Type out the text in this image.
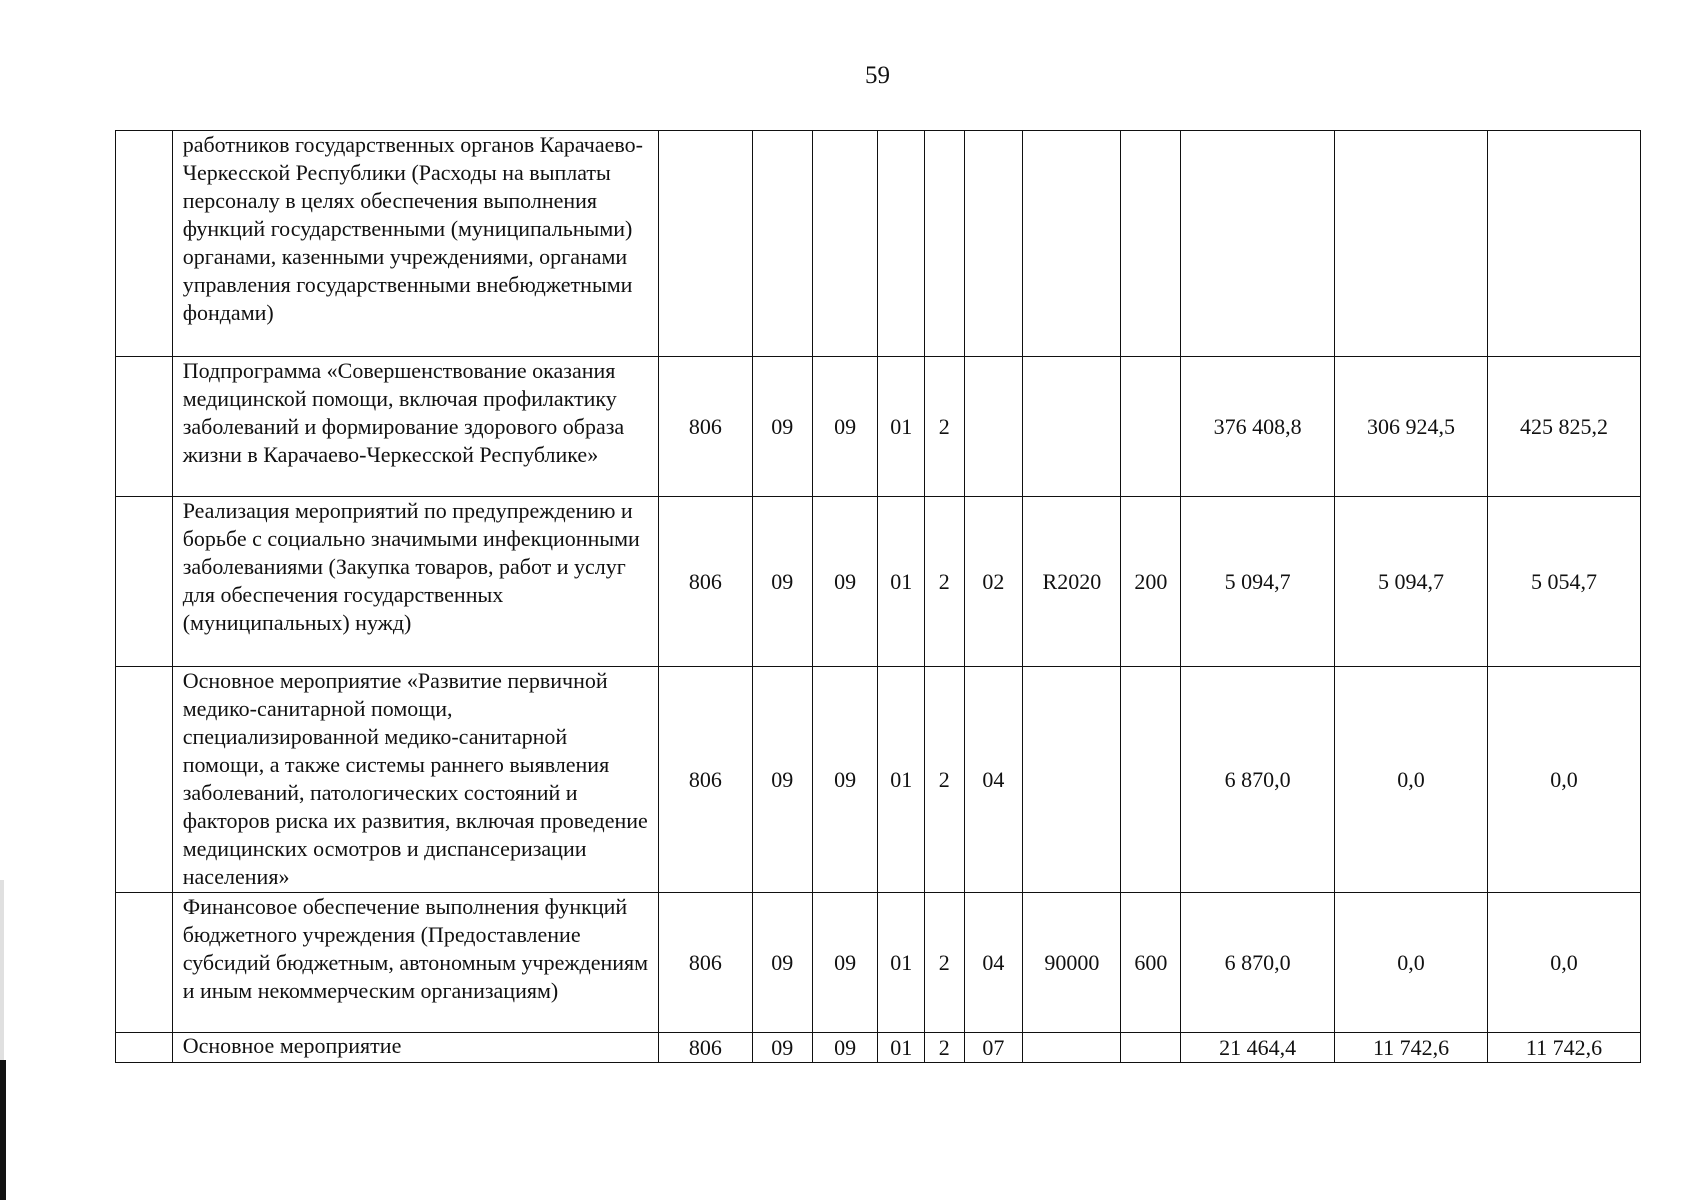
59
	работников государственных органов Карачаево-Черкесской Республики (Расходы на выплаты персоналу в целях обеспечения выполнения функций государственными (муниципальными) органами, казенными учреждениями, органами управления государственными внебюджетными фондами)											
	Подпрограмма «Совершенствование оказания медицинской помощи, включая профилактику заболеваний и формирование здорового образа жизни в Карачаево-Черкесской Республике»	806	09	09	01	2				376 408,8	306 924,5	425 825,2
	Реализация мероприятий по предупреждению и борьбе с социально значимыми инфекционными заболеваниями (Закупка товаров, работ и услуг для обеспечения государственных (муниципальных) нужд)	806	09	09	01	2	02	R2020	200	5 094,7	5 094,7	5 054,7
	Основное мероприятие «Развитие первичной медико-санитарной помощи, специализированной медико-санитарной помощи, а также системы раннего выявления заболеваний, патологических состояний и факторов риска их развития, включая проведение медицинских осмотров и диспансеризации населения»	806	09	09	01	2	04			6 870,0	0,0	0,0
	Финансовое обеспечение выполнения функций бюджетного учреждения (Предоставление субсидий бюджетным, автономным учреждениям и иным некоммерческим организациям)	806	09	09	01	2	04	90000	600	6 870,0	0,0	0,0
	Основное мероприятие	806	09	09	01	2	07			21 464,4	11 742,6	11 742,6
